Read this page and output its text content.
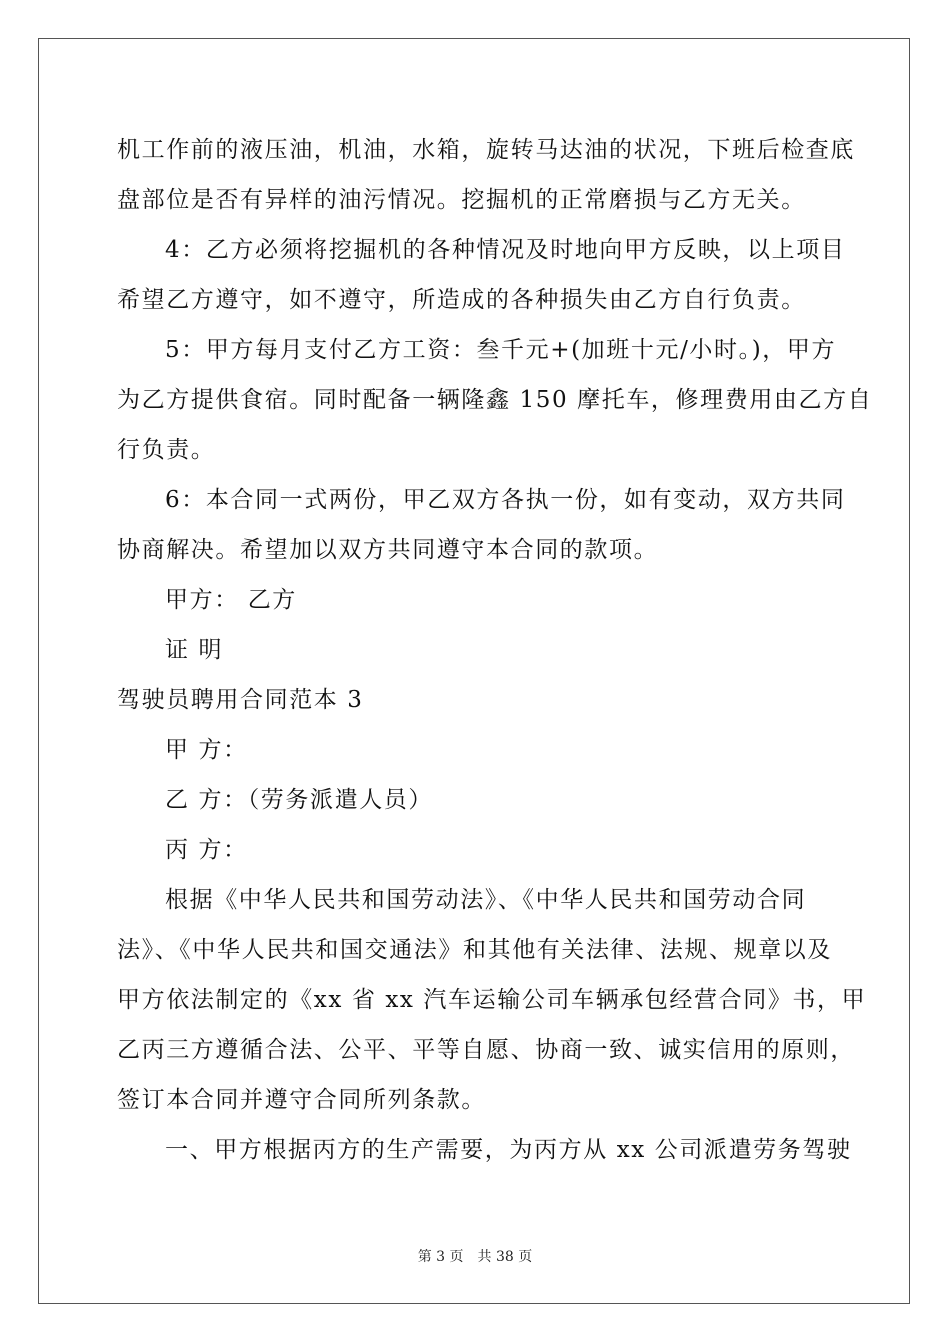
机工作前的液压油，机油，水箱，旋转马达油的状况，下班后检查底
盘部位是否有异样的油污情况。挖掘机的正常磨损与乙方无关。
4：乙方必须将挖掘机的各种情况及时地向甲方反映，以上项目
希望乙方遵守，如不遵守，所造成的各种损失由乙方自行负责。
5：甲方每月支付乙方工资：叁千元+(加班十元/小时。)，甲方
为乙方提供食宿。同时配备一辆隆鑫 150 摩托车，修理费用由乙方自
行负责。
6：本合同一式两份，甲乙双方各执一份，如有变动，双方共同
协商解决。希望加以双方共同遵守本合同的款项。
甲方： 乙方
证 明
驾驶员聘用合同范本 3
甲 方：
乙 方：（劳务派遣人员）
丙 方：
根据《中华人民共和国劳动法》、《中华人民共和国劳动合同
法》、《中华人民共和国交通法》和其他有关法律、法规、规章以及
甲方依法制定的《xx 省 xx 汽车运输公司车辆承包经营合同》书，甲
乙丙三方遵循合法、公平、平等自愿、协商一致、诚实信用的原则，
签订本合同并遵守合同所列条款。
一、甲方根据丙方的生产需要，为丙方从 xx 公司派遣劳务驾驶
第 3 页　共 38 页
